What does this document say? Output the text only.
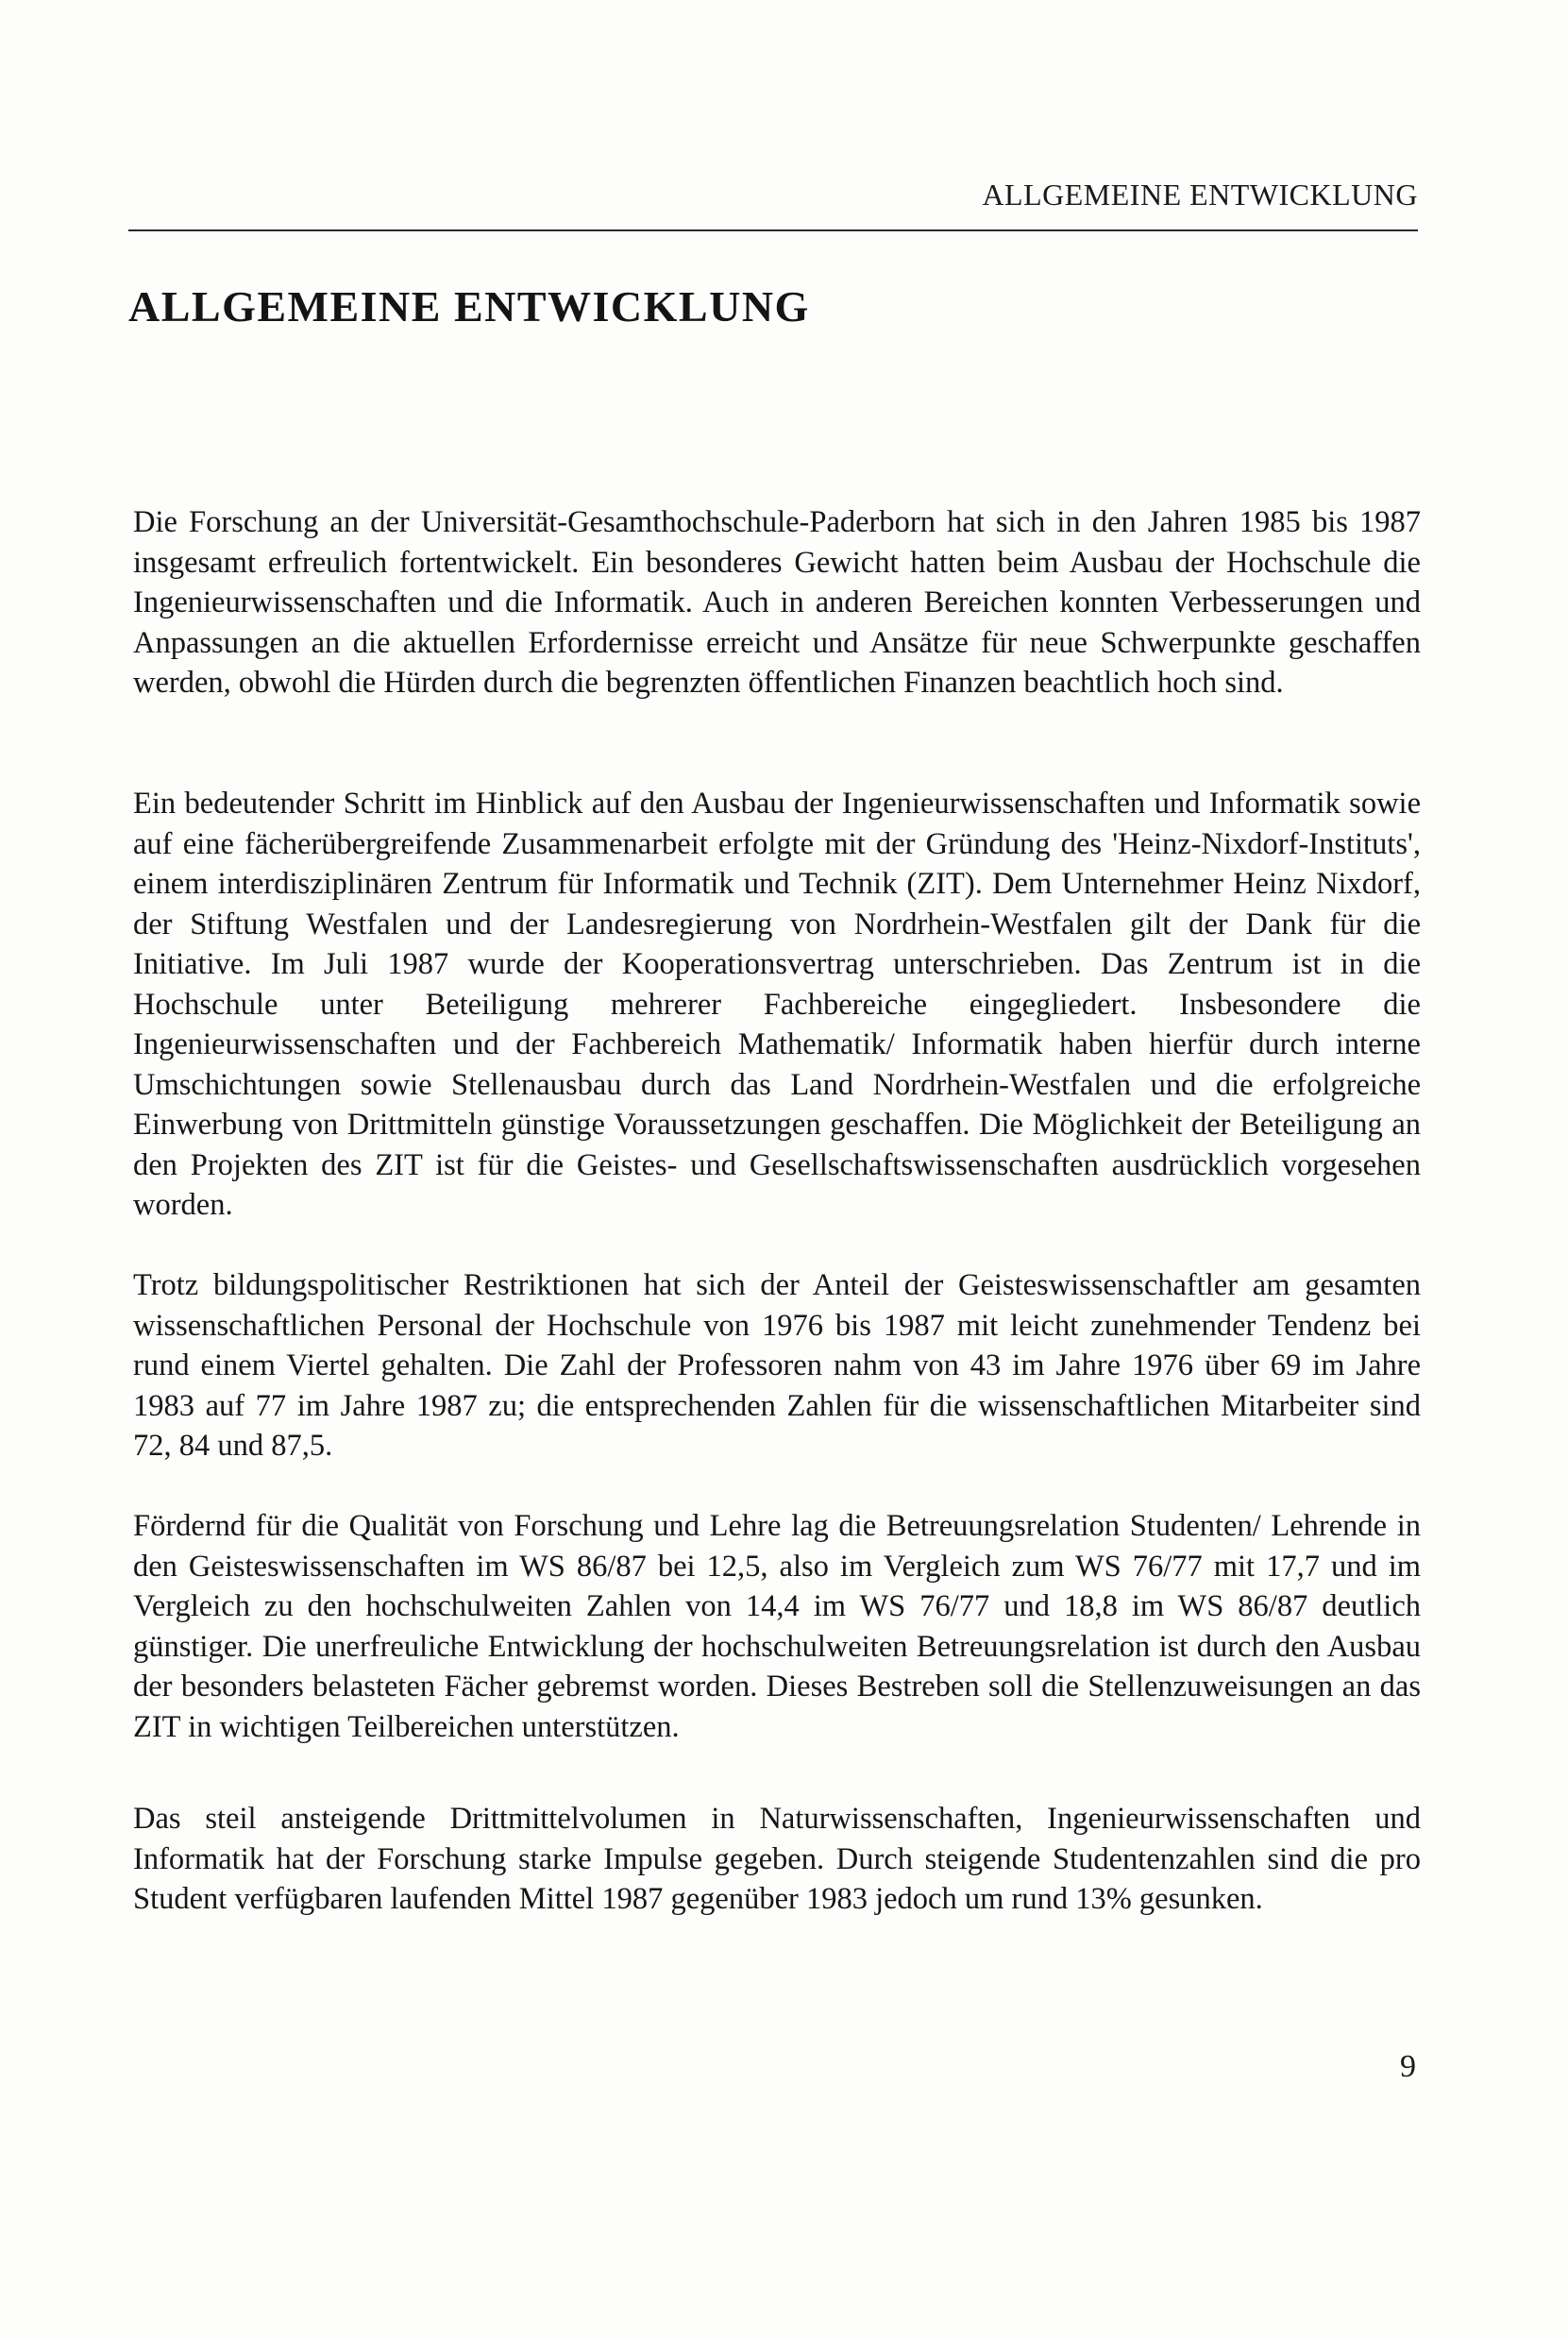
ALLGEMEINE ENTWICKLUNG
ALLGEMEINE ENTWICKLUNG

Die Forschung an der Universität-Gesamthochschule-Paderborn hat sich in den Jahren 1985 bis 1987 insgesamt erfreulich fortentwickelt. Ein besonderes Gewicht hatten beim Ausbau der Hochschule die Ingenieurwissenschaften und die Informatik. Auch in anderen Bereichen konnten Verbesserungen und Anpassungen an die aktuellen Erfordernisse erreicht und Ansätze für neue Schwerpunkte geschaffen werden, obwohl die Hürden durch die begrenzten öffentlichen Finanzen beachtlich hoch sind.

Ein bedeutender Schritt im Hinblick auf den Ausbau der Ingenieurwissenschaften und Informatik sowie auf eine fächerübergreifende Zusammenarbeit erfolgte mit der Gründung des 'Heinz-Nixdorf-Instituts', einem interdisziplinären Zentrum für Informatik und Technik (ZIT). Dem Unternehmer Heinz Nixdorf, der Stiftung Westfalen und der Landesregierung von Nordrhein-Westfalen gilt der Dank für die Initiative. Im Juli 1987 wurde der Kooperationsvertrag unterschrieben. Das Zentrum ist in die Hochschule unter Beteiligung mehrerer Fachbereiche eingegliedert. Insbesondere die Ingenieurwissenschaften und der Fachbereich Mathematik/ Informatik haben hierfür durch interne Umschichtungen sowie Stellenausbau durch das Land Nordrhein-Westfalen und die erfolgreiche Einwerbung von Drittmitteln günstige Voraussetzungen geschaffen. Die Möglichkeit der Beteiligung an den Projekten des ZIT ist für die Geistes- und Gesellschaftswissenschaften ausdrücklich vorgesehen worden.

Trotz bildungspolitischer Restriktionen hat sich der Anteil der Geisteswissenschaftler am gesamten wissenschaftlichen Personal der Hochschule von 1976 bis 1987 mit leicht zunehmender Tendenz bei rund einem Viertel gehalten. Die Zahl der Professoren nahm von 43 im Jahre 1976 über 69 im Jahre 1983 auf 77 im Jahre 1987 zu; die entsprechenden Zahlen für die wissenschaftlichen Mitarbeiter sind 72, 84 und 87,5.

Fördernd für die Qualität von Forschung und Lehre lag die Betreuungsrelation Studenten/ Lehrende in den Geisteswissenschaften im WS 86/87 bei 12,5, also im Vergleich zum WS 76/77 mit 17,7 und im Vergleich zu den hochschulweiten Zahlen von 14,4 im WS 76/77 und 18,8 im WS 86/87 deutlich günstiger. Die unerfreuliche Entwicklung der hochschulweiten Betreuungsrelation ist durch den Ausbau der besonders belasteten Fächer gebremst worden. Dieses Bestreben soll die Stellenzuweisungen an das ZIT in wichtigen Teilbereichen unterstützen.

Das steil ansteigende Drittmittelvolumen in Naturwissenschaften, Ingenieurwissenschaften und Informatik hat der Forschung starke Impulse gegeben. Durch steigende Studentenzahlen sind die pro Student verfügbaren laufenden Mittel 1987 gegenüber 1983 jedoch um rund 13% gesunken.

9
